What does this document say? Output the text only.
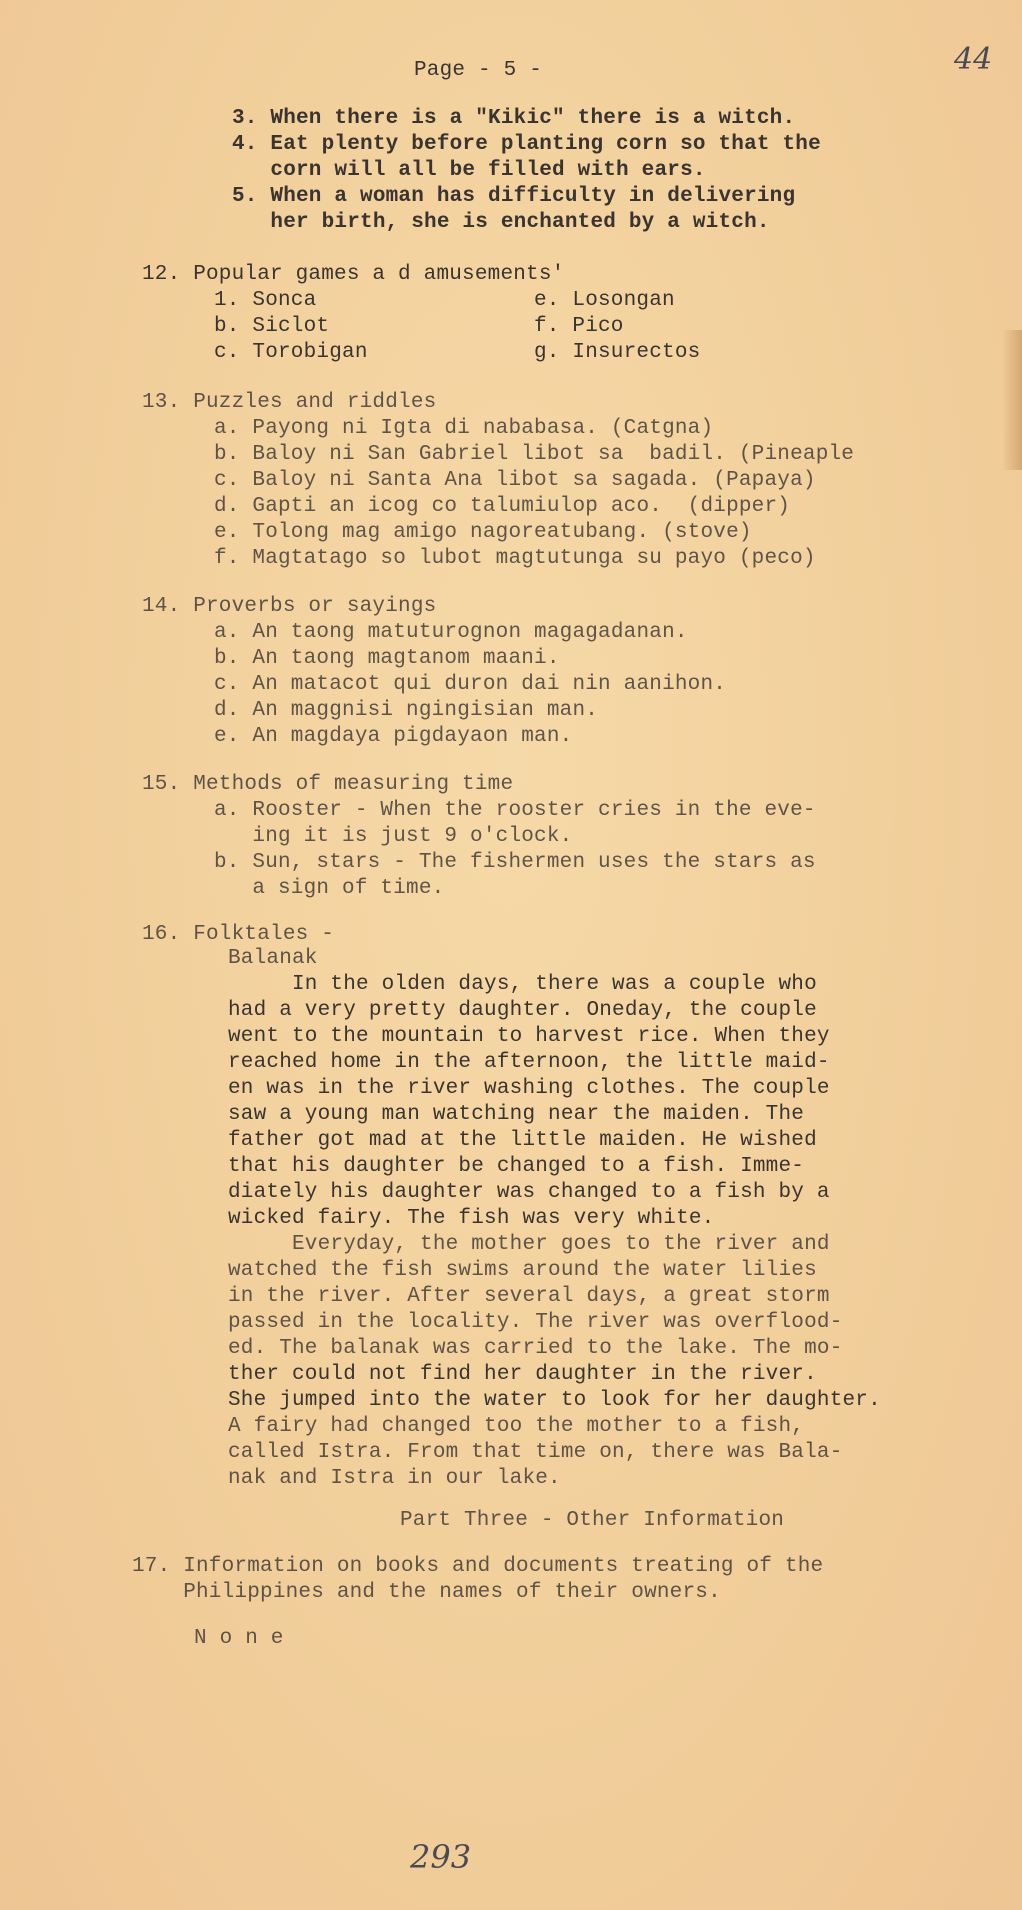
Page - 5 -	44
3. When there is a "Kikic" there is a witch.
4. Eat plenty before planting corn so that the
corn will all be filled with ears.
5. When a woman has difficulty in delivering
her birth, she is enchanted by a witch.
12. Popular games a d amusements'
1. Sonca	e. Losongan
b. Siclot	f. Pico
c. Torobigan	g. Insurectos
13. Puzzles and riddles
a. Payong ni Igta di nababasa. (Catgna)
b. Baloy ni San Gabriel libot sa  badil. (Pineaple
c. Baloy ni Santa Ana libot sa sagada. (Papaya)
d. Gapti an icog co talumiulop aco.  (dipper)
e. Tolong mag amigo nagoreatubang. (stove)
f. Magtatago so lubot magtutunga su payo (peco)
14. Proverbs or sayings
a. An taong matuturognon magagadanan.
b. An taong magtanom maani.
c. An matacot qui duron dai nin aanihon.
d. An maggnisi ngingisian man.
e. An magdaya pigdayaon man.
15. Methods of measuring time
a. Rooster - When the rooster cries in the eve-
ing it is just 9 o'clock.
b. Sun, stars - The fishermen uses the stars as
a sign of time.
16. Folktales -
Balanak
In the olden days, there was a couple who
had a very pretty daughter. Oneday, the couple
went to the mountain to harvest rice. When they
reached home in the afternoon, the little maid-
en was in the river washing clothes. The couple
saw a young man watching near the maiden. The
father got mad at the little maiden. He wished
that his daughter be changed to a fish. Imme-
diately his daughter was changed to a fish by a
wicked fairy. The fish was very white.
Everyday, the mother goes to the river and
watched the fish swims around the water lilies
in the river. After several days, a great storm
passed in the locality. The river was overflood-
ed. The balanak was carried to the lake. The mo-
ther could not find her daughter in the river.
She jumped into the water to look for her daughter.
A fairy had changed too the mother to a fish,
called Istra. From that time on, there was Bala-
nak and Istra in our lake.
Part Three - Other Information
17. Information on books and documents treating of the
Philippines and the names of their owners.
N o n e
293
